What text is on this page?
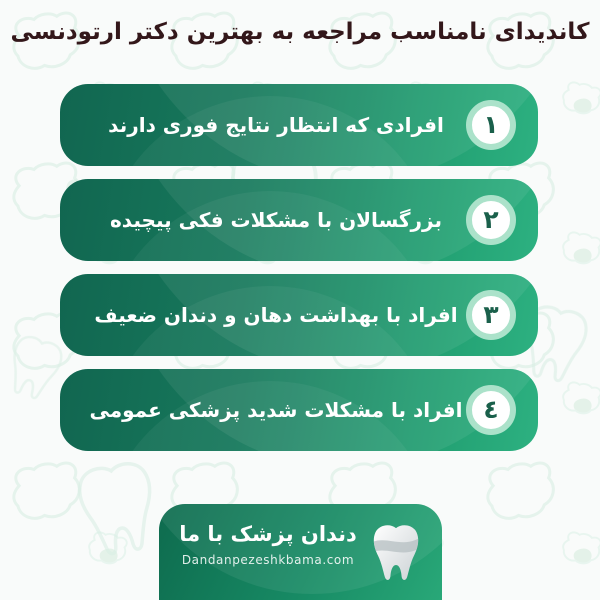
کاندیدای نامناسب مراجعه به بهترین دکتر ارتودنسی
١
افرادی که انتظار نتایج فوری دارند
٢
بزرگسالان با مشکلات فکی پیچیده
٣
افراد با بهداشت دهان و دندان ضعیف
٤
افراد با مشکلات شدید پزشکی عمومی
دندان پزشک با ما
Dandanpezeshkbama.com
